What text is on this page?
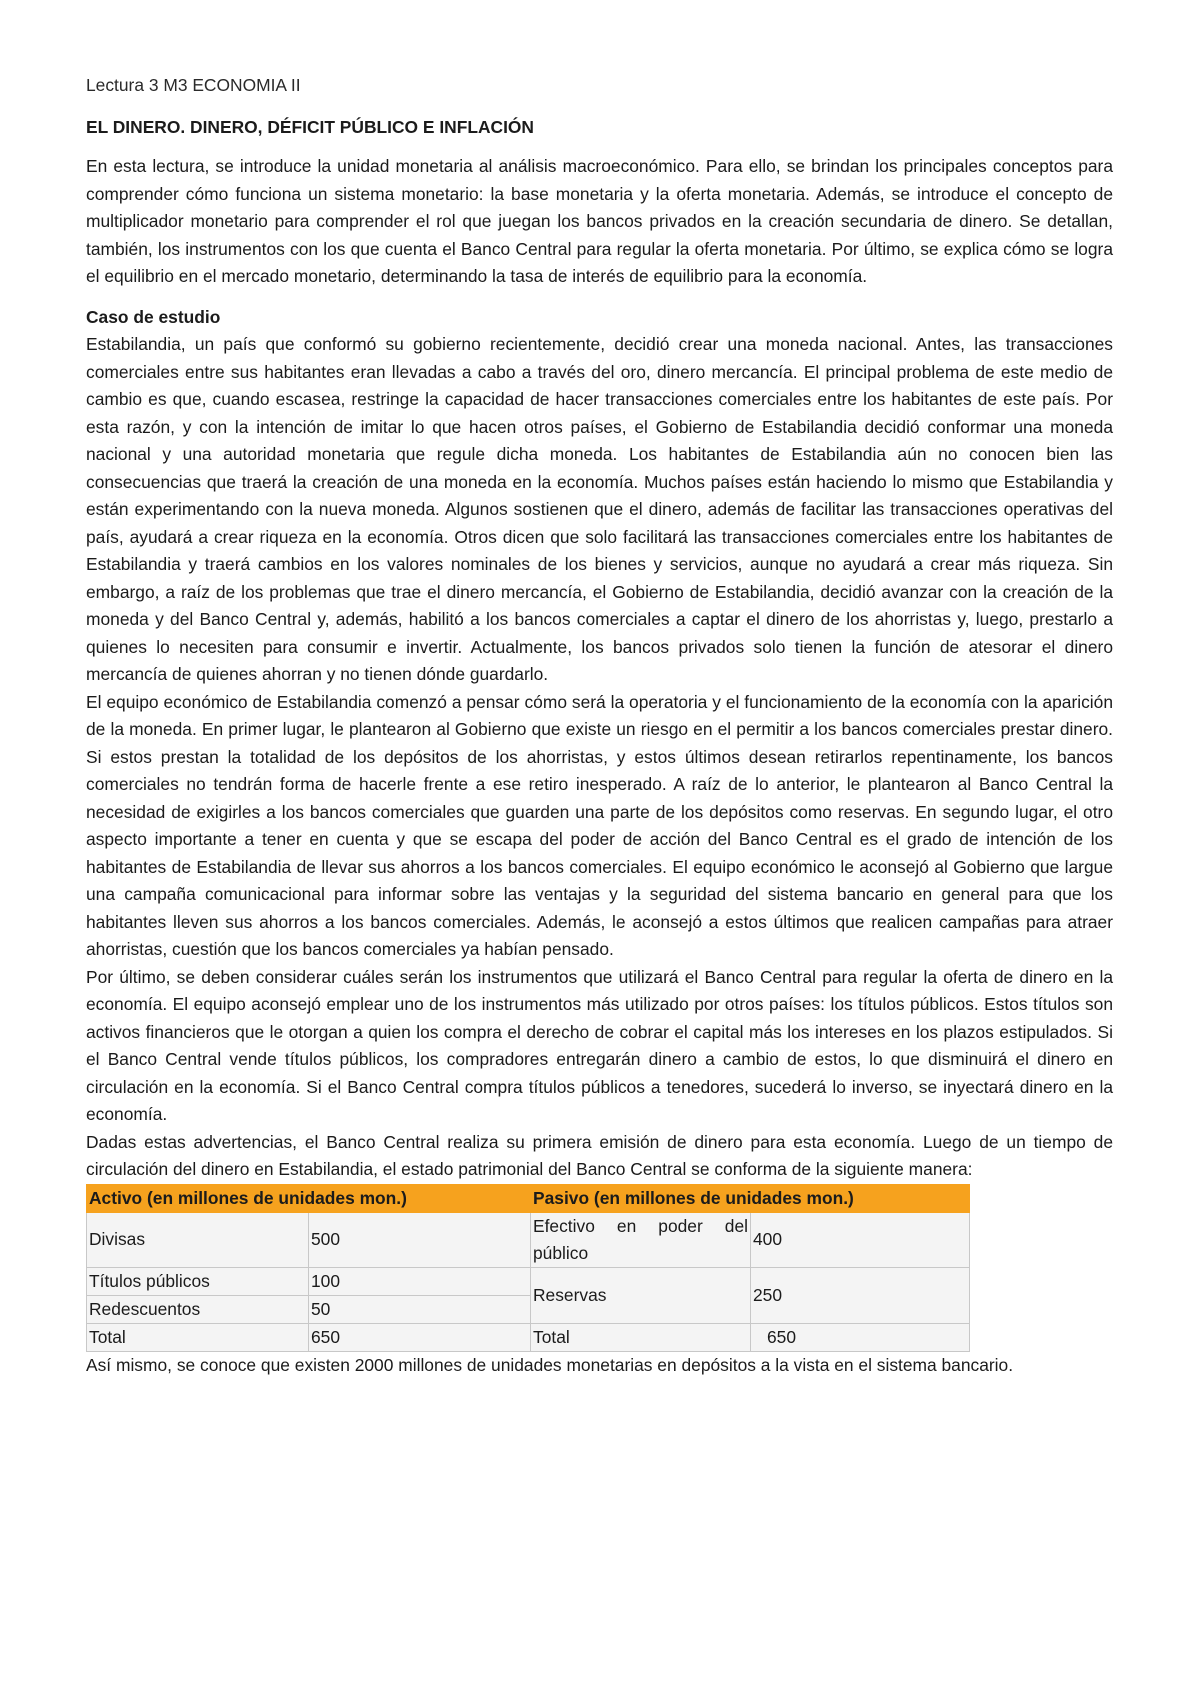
Lectura 3 M3 ECONOMIA II
EL DINERO. DINERO, DÉFICIT PÚBLICO E INFLACIÓN

En esta lectura, se introduce la unidad monetaria al análisis macroeconómico. Para ello, se brindan los principales conceptos para comprender cómo funciona un sistema monetario: la base monetaria y la oferta monetaria. Además, se introduce el concepto de multiplicador monetario para comprender el rol que juegan los bancos privados en la creación secundaria de dinero. Se detallan, también, los instrumentos con los que cuenta el Banco Central para regular la oferta monetaria. Por último, se explica cómo se logra el equilibrio en el mercado monetario, determinando la tasa de interés de equilibrio para la economía.

Caso de estudio

Estabilandia, un país que conformó su gobierno recientemente, decidió crear una moneda nacional. Antes, las transacciones comerciales entre sus habitantes eran llevadas a cabo a través del oro, dinero mercancía. El principal problema de este medio de cambio es que, cuando escasea, restringe la capacidad de hacer transacciones comerciales entre los habitantes de este país. Por esta razón, y con la intención de imitar lo que hacen otros países, el Gobierno de Estabilandia decidió conformar una moneda nacional y una autoridad monetaria que regule dicha moneda. Los habitantes de Estabilandia aún no conocen bien las consecuencias que traerá la creación de una moneda en la economía. Muchos países están haciendo lo mismo que Estabilandia y están experimentando con la nueva moneda. Algunos sostienen que el dinero, además de facilitar las transacciones operativas del país, ayudará a crear riqueza en la economía. Otros dicen que solo facilitará las transacciones comerciales entre los habitantes de Estabilandia y traerá cambios en los valores nominales de los bienes y servicios, aunque no ayudará a crear más riqueza. Sin embargo, a raíz de los problemas que trae el dinero mercancía, el Gobierno de Estabilandia, decidió avanzar con la creación de la moneda y del Banco Central y, además, habilitó a los bancos comerciales a captar el dinero de los ahorristas y, luego, prestarlo a quienes lo necesiten para consumir e invertir. Actualmente, los bancos privados solo tienen la función de atesorar el dinero mercancía de quienes ahorran y no tienen dónde guardarlo.

El equipo económico de Estabilandia comenzó a pensar cómo será la operatoria y el funcionamiento de la economía con la aparición de la moneda. En primer lugar, le plantearon al Gobierno que existe un riesgo en el permitir a los bancos comerciales prestar dinero. Si estos prestan la totalidad de los depósitos de los ahorristas, y estos últimos desean retirarlos repentinamente, los bancos comerciales no tendrán forma de hacerle frente a ese retiro inesperado. A raíz de lo anterior, le plantearon al Banco Central la necesidad de exigirles a los bancos comerciales que guarden una parte de los depósitos como reservas. En segundo lugar, el otro aspecto importante a tener en cuenta y que se escapa del poder de acción del Banco Central es el grado de intención de los habitantes de Estabilandia de llevar sus ahorros a los bancos comerciales. El equipo económico le aconsejó al Gobierno que largue una campaña comunicacional para informar sobre las ventajas y la seguridad del sistema bancario en general para que los habitantes lleven sus ahorros a los bancos comerciales. Además, le aconsejó a estos últimos que realicen campañas para atraer ahorristas, cuestión que los bancos comerciales ya habían pensado.

Por último, se deben considerar cuáles serán los instrumentos que utilizará el Banco Central para regular la oferta de dinero en la economía. El equipo aconsejó emplear uno de los instrumentos más utilizado por otros países: los títulos públicos. Estos títulos son activos financieros que le otorgan a quien los compra el derecho de cobrar el capital más los intereses en los plazos estipulados. Si el Banco Central vende títulos públicos, los compradores entregarán dinero a cambio de estos, lo que disminuirá el dinero en circulación en la economía. Si el Banco Central compra títulos públicos a tenedores, sucederá lo inverso, se inyectará dinero en la economía.

Dadas estas advertencias, el Banco Central realiza su primera emisión de dinero para esta economía. Luego de un tiempo de circulación del dinero en Estabilandia, el estado patrimonial del Banco Central se conforma de la siguiente manera:

Activo (en millones de unidades mon.)		Pasivo (en millones de unidades mon.)	
Divisas	500	Efectivo en poder del público	400
Títulos públicos	100	Reservas	250
Redescuentos	50		
Total	650	Total	650

Así mismo, se conoce que existen 2000 millones de unidades monetarias en depósitos a la vista en el sistema bancario.
